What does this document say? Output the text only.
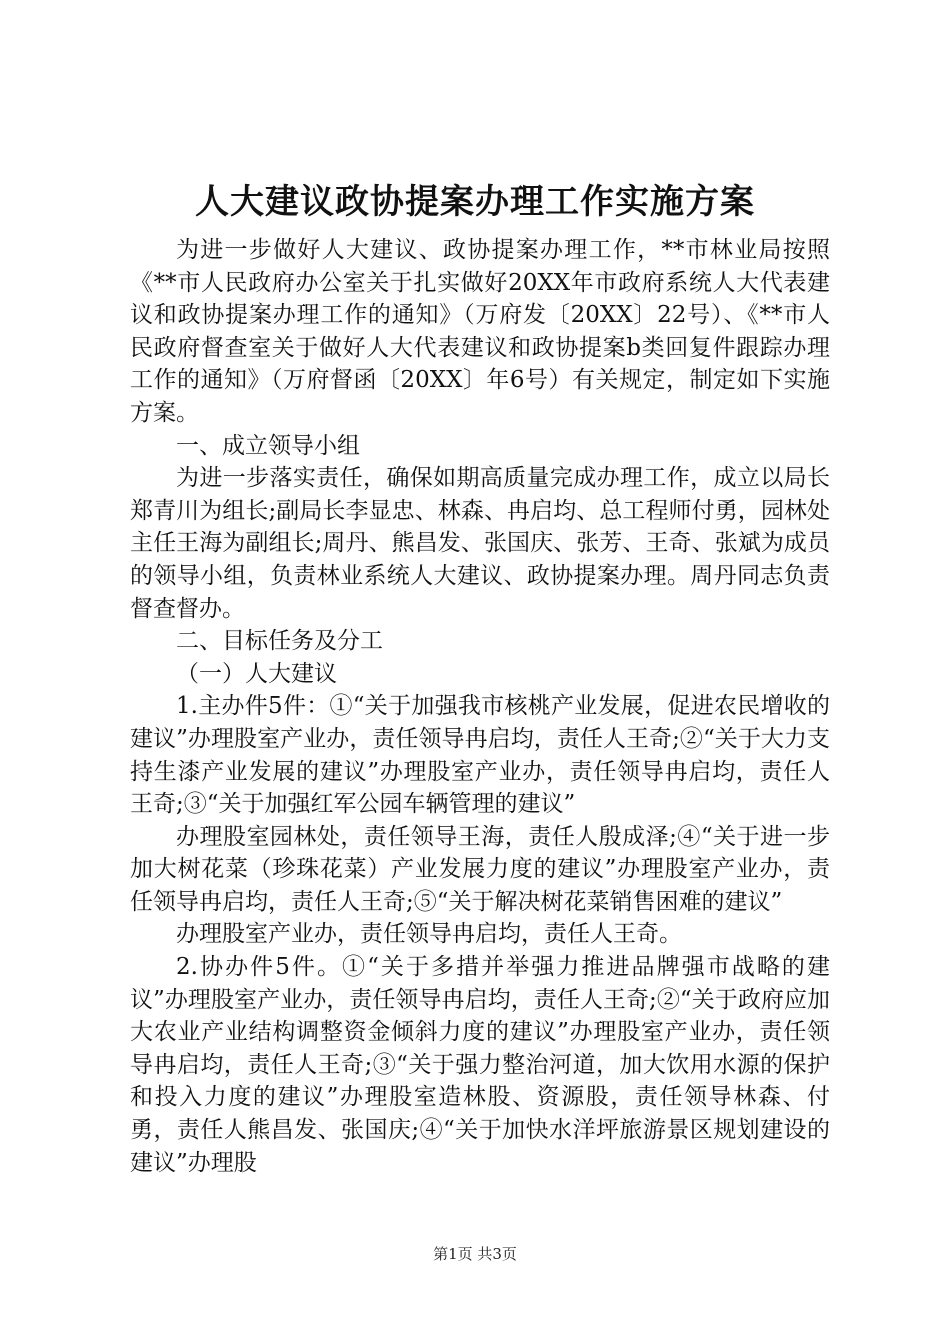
人大建议政协提案办理工作实施方案

为进一步做好人大建议、政协提案办理工作，**市林业局按照《**市人民政府办公室关于扎实做好20XX年市政府系统人大代表建议和政协提案办理工作的通知》（万府发〔20XX〕22号）、《**市人民政府督查室关于做好人大代表建议和政协提案b类回复件跟踪办理工作的通知》（万府督函〔20XX〕年6号）有关规定，制定如下实施方案。

一、成立领导小组

为进一步落实责任，确保如期高质量完成办理工作，成立以局长郑青川为组长;副局长李显忠、林森、冉启均、总工程师付勇，园林处主任王海为副组长;周丹、熊昌发、张国庆、张芳、王奇、张斌为成员的领导小组，负责林业系统人大建议、政协提案办理。周丹同志负责督查督办。

二、目标任务及分工

（一）人大建议

1.主办件5件：①“关于加强我市核桃产业发展，促进农民增收的建议”办理股室产业办，责任领导冉启均，责任人王奇;②“关于大力支持生漆产业发展的建议”办理股室产业办，责任领导冉启均，责任人王奇;③“关于加强红军公园车辆管理的建议”

办理股室园林处，责任领导王海，责任人殷成泽;④“关于进一步加大树花菜（珍珠花菜）产业发展力度的建议”办理股室产业办，责任领导冉启均，责任人王奇;⑤“关于解决树花菜销售困难的建议”

办理股室产业办，责任领导冉启均，责任人王奇。

2.协办件5件。①“关于多措并举强力推进品牌强市战略的建议”办理股室产业办，责任领导冉启均，责任人王奇;②“关于政府应加大农业产业结构调整资金倾斜力度的建议”办理股室产业办，责任领导冉启均，责任人王奇;③“关于强力整治河道，加大饮用水源的保护和投入力度的建议”办理股室造林股、资源股，责任领导林森、付勇，责任人熊昌发、张国庆;④“关于加快水洋坪旅游景区规划建设的建议”办理股

第1页 共3页
